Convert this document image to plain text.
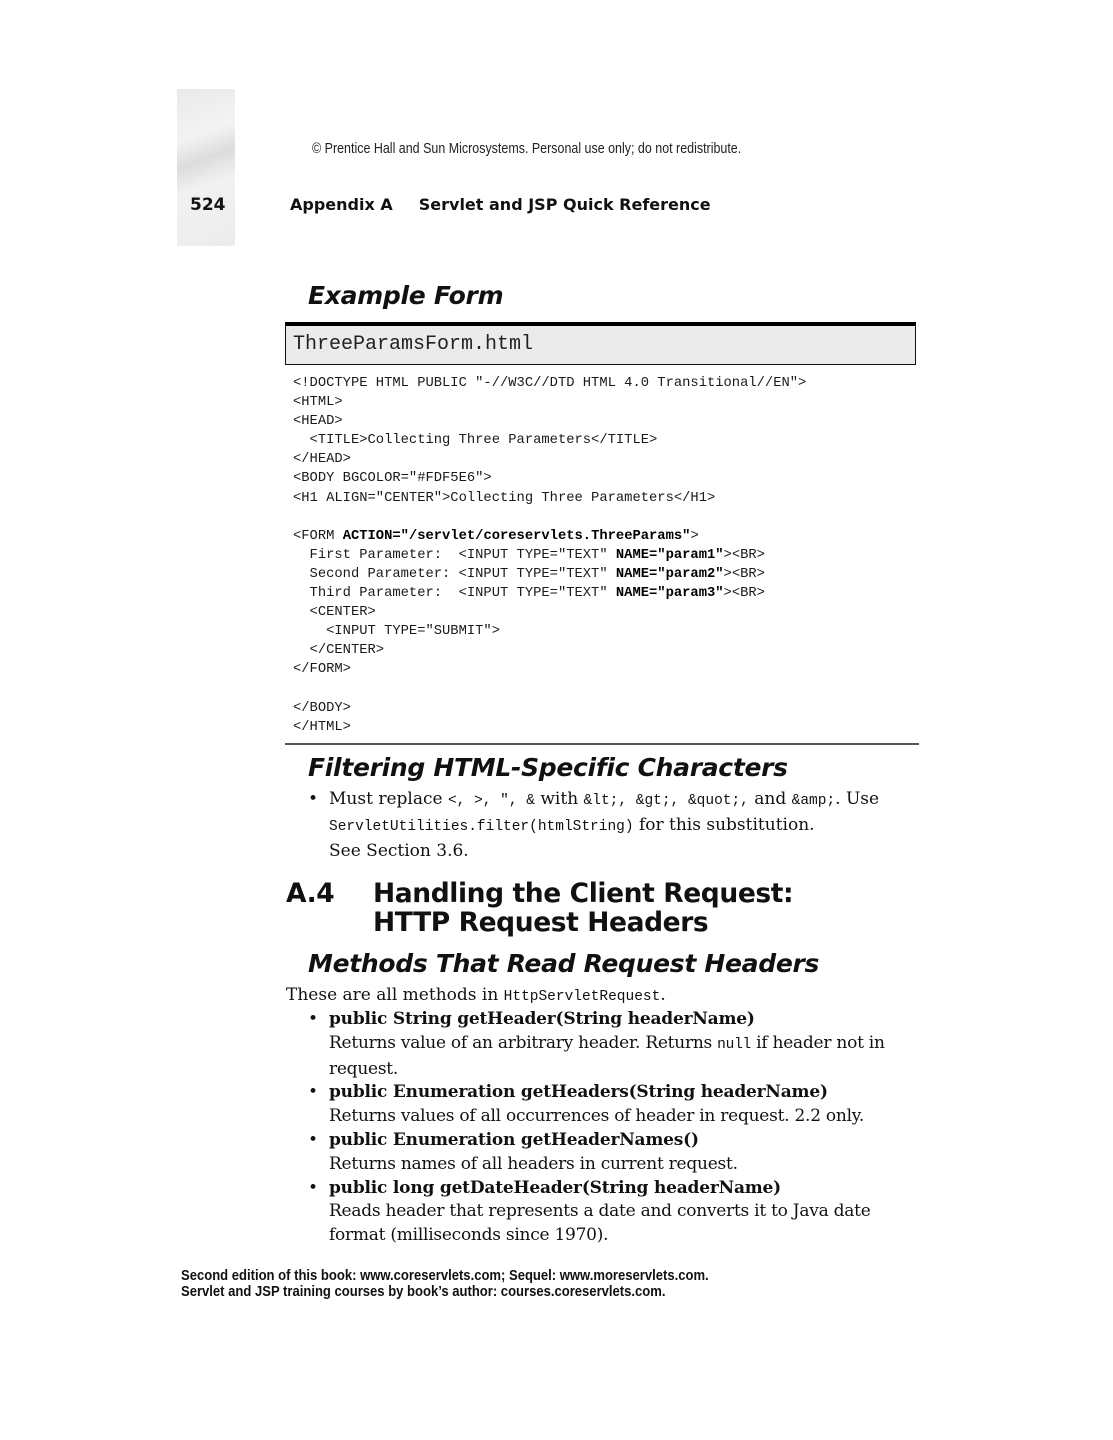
524
© Prentice Hall and Sun Microsystems. Personal use only; do not redistribute.
Appendix A Servlet and JSP Quick Reference
Example Form
ThreeParamsForm.html
<!DOCTYPE HTML PUBLIC "-//W3C//DTD HTML 4.0 Transitional//EN">
<HTML>
<HEAD>
<TITLE>Collecting Three Parameters</TITLE>
</HEAD>
<BODY BGCOLOR="#FDF5E6">
<H1 ALIGN="CENTER">Collecting Three Parameters</H1>

<FORM ACTION="/servlet/coreservlets.ThreeParams">
First Parameter:  <INPUT TYPE="TEXT" NAME="param1"><BR>
Second Parameter: <INPUT TYPE="TEXT" NAME="param2"><BR>
Third Parameter:  <INPUT TYPE="TEXT" NAME="param3"><BR>
<CENTER>
<INPUT TYPE="SUBMIT">
</CENTER>
</FORM>

</BODY>
</HTML>
Filtering HTML-Specific Characters
• Must replace <, >, ", & with &lt;, &gt;, &quot;, and &amp;. Use
ServletUtilities.filter(htmlString) for this substitution.
See Section 3.6.
A.4 Handling the Client Request:
HTTP Request Headers
Methods That Read Request Headers
These are all methods in HttpServletRequest.
• public String getHeader(String headerName)
Returns value of an arbitrary header. Returns null if header not in request.
• public Enumeration getHeaders(String headerName)
Returns values of all occurrences of header in request. 2.2 only.
• public Enumeration getHeaderNames()
Returns names of all headers in current request.
• public long getDateHeader(String headerName)
Reads header that represents a date and converts it to Java date format (milliseconds since 1970).
Second edition of this book: www.coreservlets.com; Sequel: www.moreservlets.com.
Servlet and JSP training courses by book’s author: courses.coreservlets.com.
